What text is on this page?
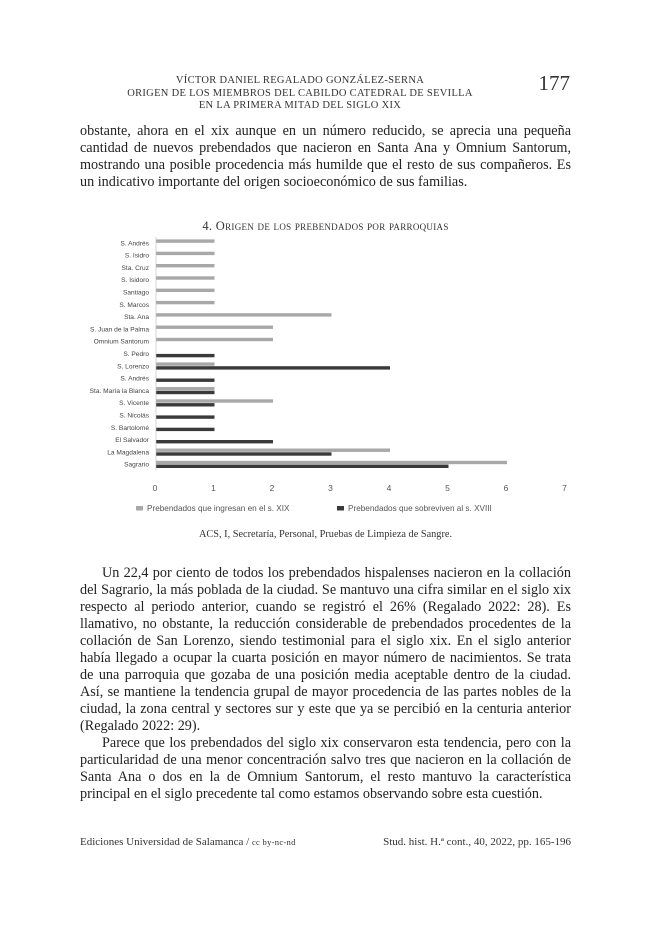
VÍCTOR DANIEL REGALADO GONZÁLEZ-SERNA
ORIGEN DE LOS MIEMBROS DEL CABILDO CATEDRAL DE SEVILLA
EN LA PRIMERA MITAD DEL SIGLO XIX
177

obstante, ahora en el xix aunque en un número reducido, se aprecia una pequeña cantidad de nuevos prebendados que nacieron en Santa Ana y Omnium Santorum, mostrando una posible procedencia más humilde que el resto de sus compañeros. Es un indicativo importante del origen socioeconómico de sus familias.

4. Origen de los prebendados por parroquias
S. Andrés
S. Isidro
Sta. Cruz
S. Isidoro
Santiago
S. Marcos
Sta. Ana
S. Juan de la Palma
Omnium Santorum
S. Pedro
S. Lorenzo
S. Andrés
Sta. María la Blanca
S. Vicente
S. Nicolás
S. Bartolomé
El Salvador
La Magdalena
Sagrario
0	1	2	3	4	5	6	7
Prebendados que ingresan en el s. XIX	Prebendados que sobreviven al s. XVIII
ACS, I, Secretaría, Personal, Pruebas de Limpieza de Sangre.

Un 22,4 por ciento de todos los prebendados hispalenses nacieron en la collación del Sagrario, la más poblada de la ciudad. Se mantuvo una cifra similar en el siglo xix respecto al periodo anterior, cuando se registró el 26% (Regalado 2022: 28). Es llamativo, no obstante, la reducción considerable de prebendados procedentes de la collación de San Lorenzo, siendo testimonial para el siglo xix. En el siglo anterior había llegado a ocupar la cuarta posición en mayor número de nacimientos. Se trata de una parroquia que gozaba de una posición media aceptable dentro de la ciudad. Así, se mantiene la tendencia grupal de mayor procedencia de las partes nobles de la ciudad, la zona central y sectores sur y este que ya se percibió en la centuria anterior (Regalado 2022: 29).

Parece que los prebendados del siglo xix conservaron esta tendencia, pero con la particularidad de una menor concentración salvo tres que nacieron en la collación de Santa Ana o dos en la de Omnium Santorum, el resto mantuvo la característica principal en el siglo precedente tal como estamos observando sobre esta cuestión.

Ediciones Universidad de Salamanca / cc by-nc-nd	Stud. hist. H.ª cont., 40, 2022, pp. 165-196
